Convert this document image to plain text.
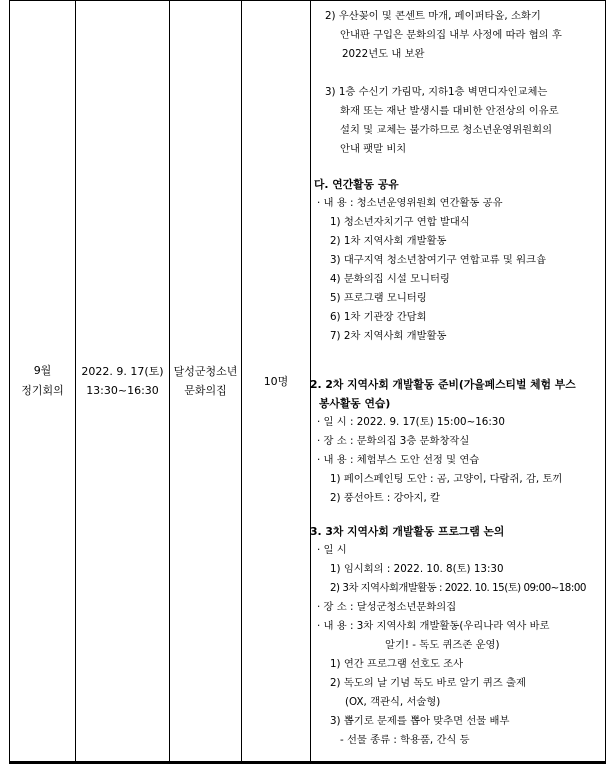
9월
정기회의

2022. 9. 17(토)
13:30~16:30

달성군청소년
문화의집

10명

2) 우산꽂이 및 콘센트 마개, 페이퍼타올, 소화기
안내판 구입은 문화의집 내부 사정에 따라 협의 후
2022년도 내 보완
3) 1층 수신기 가림막, 지하1층 벽면디자인교체는
화재 또는 재난 발생시를 대비한 안전상의 이유로
설치 및 교체는 불가하므로 청소년운영위원회의
안내 팻말 비치
다. 연간활동 공유
· 내 용 : 청소년운영위원회 연간활동 공유
1) 청소년자치기구 연합 발대식
2) 1차 지역사회 개발활동
3) 대구지역 청소년참여기구 연합교류 및 워크숍
4) 문화의집 시설 모니터링
5) 프로그램 모니터링
6) 1차 기관장 간담회
7) 2차 지역사회 개발활동
2. 2차 지역사회 개발활동 준비(가을페스티벌 체험 부스
봉사활동 연습)
· 일 시 : 2022. 9. 17(토) 15:00~16:30
· 장 소 : 문화의집 3층 문화창작실
· 내 용 : 체험부스 도안 선정 및 연습
1) 페이스페인팅 도안 : 곰, 고양이, 다람쥐, 감, 토끼
2) 풍선아트 : 강아지, 칼
3. 3차 지역사회 개발활동 프로그램 논의
· 일 시
1) 임시회의 : 2022. 10. 8(토) 13:30
2) 3차 지역사회개발활동 : 2022. 10. 15(토) 09:00~18:00
· 장 소 : 달성군청소년문화의집
· 내 용 : 3차 지역사회 개발활동(우리나라 역사 바로
알기! - 독도 퀴즈존 운영)
1) 연간 프로그램 선호도 조사
2) 독도의 날 기념 독도 바로 알기 퀴즈 출제
(OX, 객관식, 서술형)
3) 뽑기로 문제를 뽑아 맞추면 선물 배부
- 선물 종류 : 학용품, 간식 등
